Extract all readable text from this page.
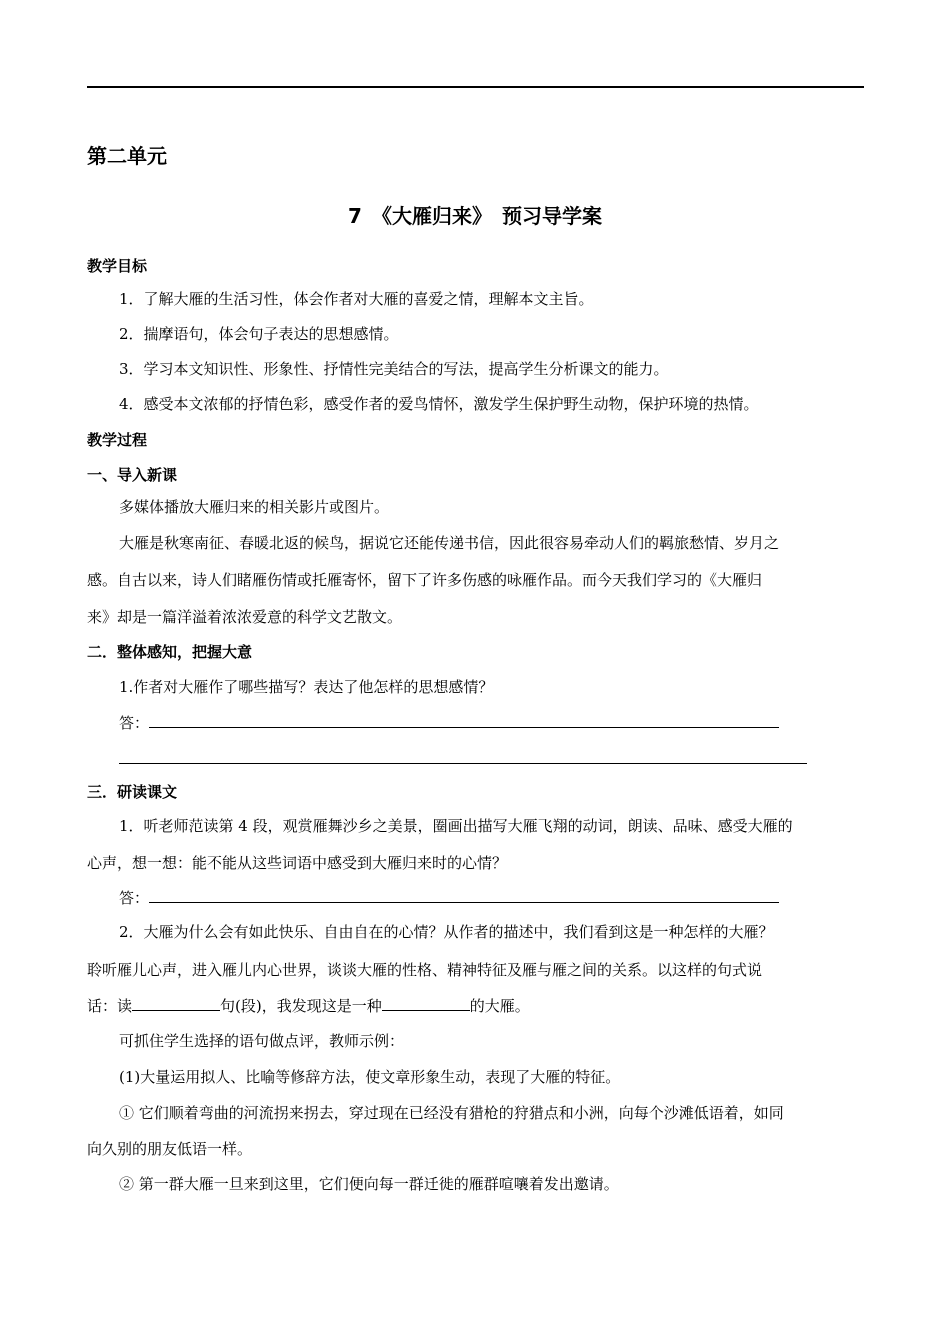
第二单元
7　《大雁归来》　预习导学案
教学目标
1．了解大雁的生活习性，体会作者对大雁的喜爱之情，理解本文主旨。
2．揣摩语句，体会句子表达的思想感情。
3．学习本文知识性、形象性、抒情性完美结合的写法，提高学生分析课文的能力。
4．感受本文浓郁的抒情色彩，感受作者的爱鸟情怀，激发学生保护野生动物，保护环境的热情。
教学过程
一、导入新课
多媒体播放大雁归来的相关影片或图片。
大雁是秋寒南征、春暖北返的候鸟，据说它还能传递书信，因此很容易牵动人们的羁旅愁情、岁月之
感。自古以来，诗人们睹雁伤情或托雁寄怀，留下了许多伤感的咏雁作品。而今天我们学习的《大雁归
来》却是一篇洋溢着浓浓爱意的科学文艺散文。
二．整体感知，把握大意
1.作者对大雁作了哪些描写？表达了他怎样的思想感情？
答：
三．研读课文
1．听老师范读第 4 段，观赏雁舞沙乡之美景，圈画出描写大雁飞翔的动词，朗读、品味、感受大雁的
心声，想一想：能不能从这些词语中感受到大雁归来时的心情？
答：
2．大雁为什么会有如此快乐、自由自在的心情？从作者的描述中，我们看到这是一种怎样的大雁？
聆听雁儿心声，进入雁儿内心世界，谈谈大雁的性格、精神特征及雁与雁之间的关系。以这样的句式说
话：读	句(段)，我发现这是一种	的大雁。
可抓住学生选择的语句做点评，教师示例：
(1)大量运用拟人、比喻等修辞方法，使文章形象生动，表现了大雁的特征。
① 它们顺着弯曲的河流拐来拐去，穿过现在已经没有猎枪的狩猎点和小洲，向每个沙滩低语着，如同
向久别的朋友低语一样。
② 第一群大雁一旦来到这里，它们便向每一群迁徙的雁群喧嚷着发出邀请。
